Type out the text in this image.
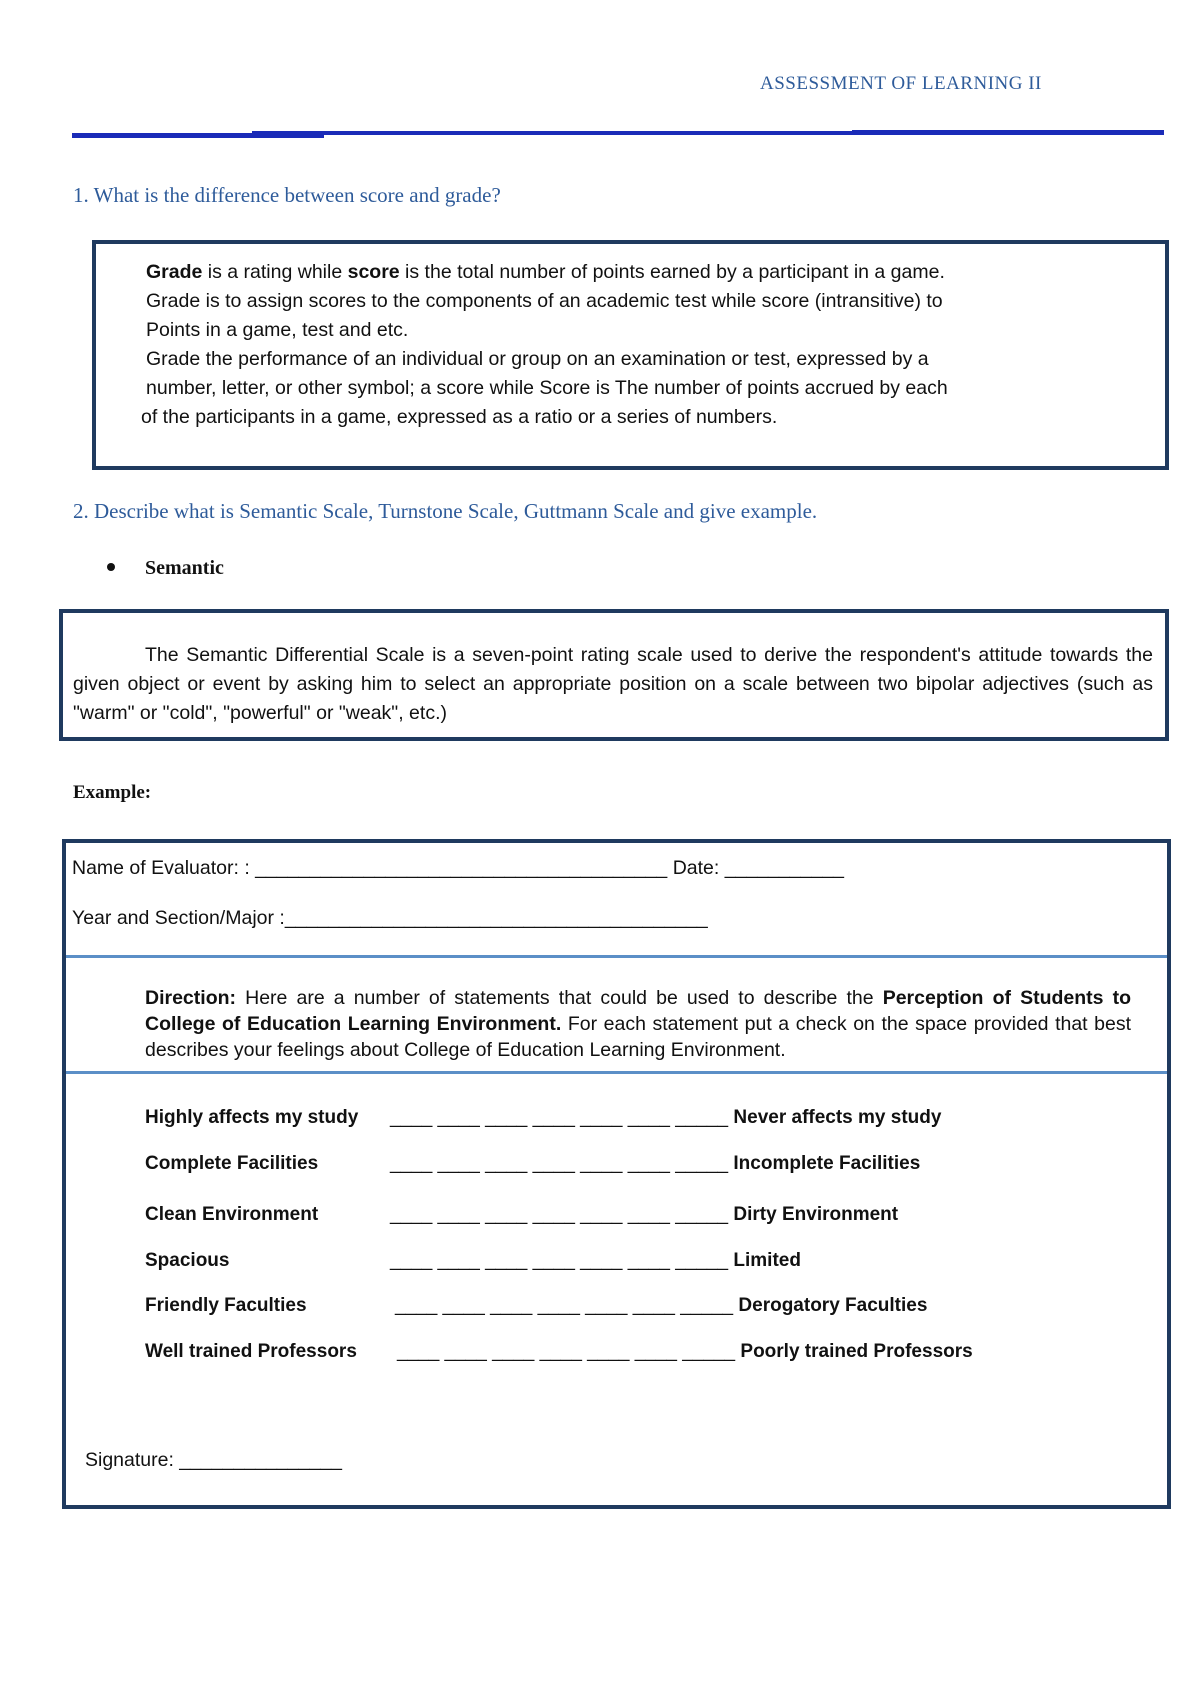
ASSESSMENT OF LEARNING II
1. What is the difference between score and grade?

Grade is a rating while score is the total number of points earned by a participant in a game.

Grade is to assign scores to the components of an academic test while score (intransitive) to

Points in a game, test and etc.

Grade the performance of an individual or group on an examination or test, expressed by a

number, letter, or other symbol; a score while Score is The number of points accrued by each

of the participants in a game, expressed as a ratio or a series of numbers.

2. Describe what is Semantic Scale, Turnstone Scale, Guttmann Scale and give example.
Semantic

The Semantic Differential Scale is a seven-point rating scale used to derive the respondent's attitude towards the given object or event by asking him to select an appropriate position on a scale between two bipolar adjectives (such as "warm" or "cold", "powerful" or "weak", etc.)

Example:
Name of Evaluator: : ______________________________________ Date: ___________
Year and Section/Major :_______________________________________
Direction: Here are a number of statements that could be used to describe the Perception of Students to College of Education Learning Environment. For each statement put a check on the space provided that best describes your feelings about College of Education Learning Environment.
Highly affects my study ____ ____ ____ ____ ____ ____ _____ Never affects my study
Complete Facilities	____ ____ ____ ____ ____ ____ _____ Incomplete Facilities
Clean Environment	____ ____ ____ ____ ____ ____ _____ Dirty Environment
Spacious	____ ____ ____ ____ ____ ____ _____ Limited
Friendly Faculties	____ ____ ____ ____ ____ ____ _____ Derogatory Faculties
Well trained Professors ____ ____ ____ ____ ____ ____ _____ Poorly trained Professors
Signature: _______________
